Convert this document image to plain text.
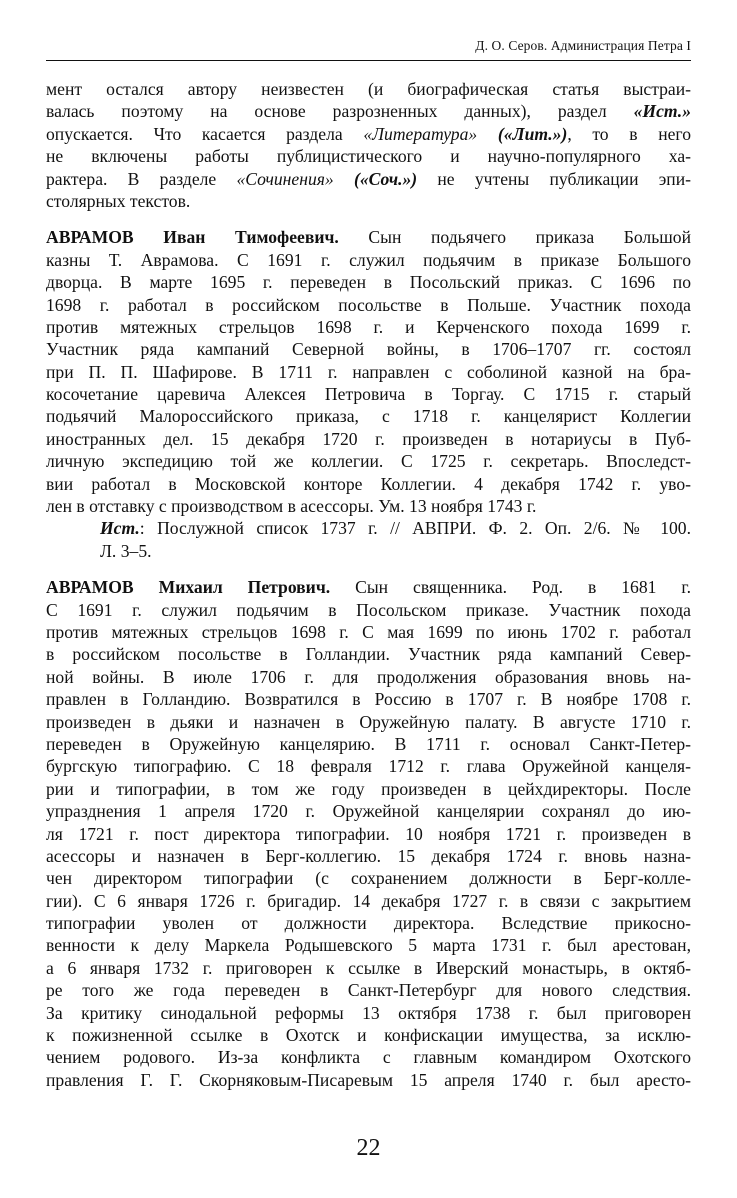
Д. О. Серов. Администрация Петра I
мент остался автору неизвестен (и биографическая статья выстраи-
валась поэтому на основе разрозненных данных), раздел «Ист.»
опускается. Что касается раздела «Литература» («Лит.»), то в него
не включены работы публицистического и научно-популярного ха-
рактера. В разделе «Сочинения» («Соч.») не учтены публикации эпи-
столярных текстов.
АВРАМОВ Иван Тимофеевич. Сын подьячего приказа Большой
казны Т. Аврамова. С 1691 г. служил подьячим в приказе Большого
дворца. В марте 1695 г. переведен в Посольский приказ. С 1696 по
1698 г. работал в российском посольстве в Польше. Участник похода
против мятежных стрельцов 1698 г. и Керченского похода 1699 г.
Участник ряда кампаний Северной войны, в 1706–1707 гг. состоял
при П. П. Шафирове. В 1711 г. направлен с соболиной казной на бра-
косочетание царевича Алексея Петровича в Торгау. С 1715 г. старый
подьячий Малороссийского приказа, с 1718 г. канцелярист Коллегии
иностранных дел. 15 декабря 1720 г. произведен в нотариусы в Пуб-
личную экспедицию той же коллегии. С 1725 г. секретарь. Впоследст-
вии работал в Московской конторе Коллегии. 4 декабря 1742 г. уво-
лен в отставку с производством в асессоры. Ум. 13 ноября 1743 г.
Ист.: Послужной список 1737 г. // АВПРИ. Ф. 2. Оп. 2/6. № 100.
Л. 3–5.
АВРАМОВ Михаил Петрович. Сын священника. Род. в 1681 г.
С 1691 г. служил подьячим в Посольском приказе. Участник похода
против мятежных стрельцов 1698 г. С мая 1699 по июнь 1702 г. работал
в российском посольстве в Голландии. Участник ряда кампаний Север-
ной войны. В июле 1706 г. для продолжения образования вновь на-
правлен в Голландию. Возвратился в Россию в 1707 г. В ноябре 1708 г.
произведен в дьяки и назначен в Оружейную палату. В августе 1710 г.
переведен в Оружейную канцелярию. В 1711 г. основал Санкт-Петер-
бургскую типографию. С 18 февраля 1712 г. глава Оружейной канцеля-
рии и типографии, в том же году произведен в цейхдиректоры. После
упразднения 1 апреля 1720 г. Оружейной канцелярии сохранял до ию-
ля 1721 г. пост директора типографии. 10 ноября 1721 г. произведен в
асессоры и назначен в Берг-коллегию. 15 декабря 1724 г. вновь назна-
чен директором типографии (с сохранением должности в Берг-колле-
гии). С 6 января 1726 г. бригадир. 14 декабря 1727 г. в связи с закрытием
типографии уволен от должности директора. Вследствие прикосно-
венности к делу Маркела Родышевского 5 марта 1731 г. был арестован,
а 6 января 1732 г. приговорен к ссылке в Иверский монастырь, в октяб-
ре того же года переведен в Санкт-Петербург для нового следствия.
За критику синодальной реформы 13 октября 1738 г. был приговорен
к пожизненной ссылке в Охотск и конфискации имущества, за исклю-
чением родового. Из-за конфликта с главным командиром Охотского
правления Г. Г. Скорняковым-Писаревым 15 апреля 1740 г. был аресто-
22
